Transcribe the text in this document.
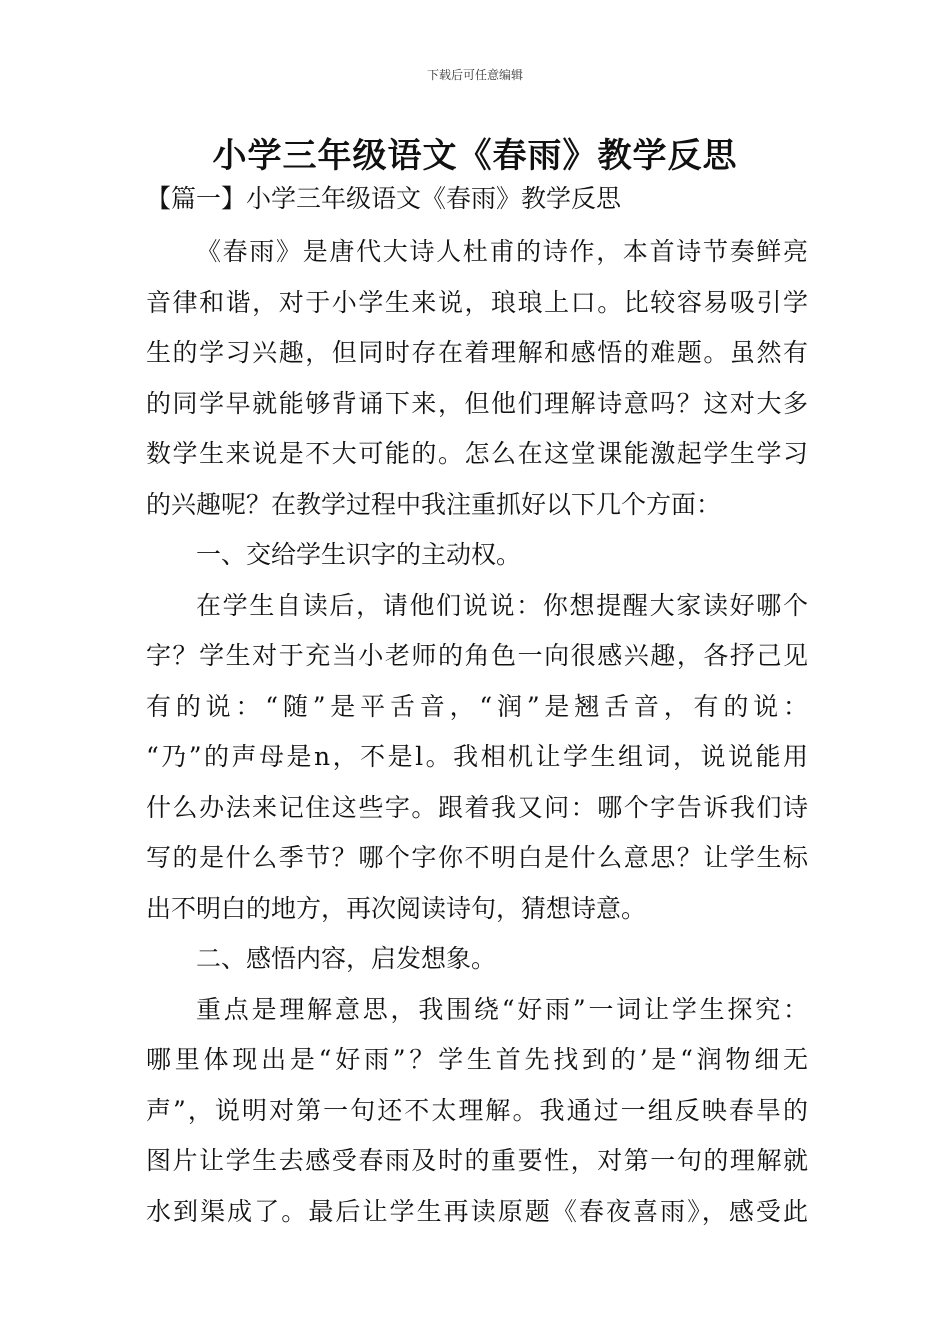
下载后可任意编辑
小学三年级语文《春雨》教学反思
【篇一】小学三年级语文《春雨》教学反思
《春雨》是唐代大诗人杜甫的诗作，本首诗节奏鲜亮
音律和谐，对于小学生来说，琅琅上口。比较容易吸引学
生的学习兴趣，但同时存在着理解和感悟的难题。虽然有
的同学早就能够背诵下来，但他们理解诗意吗？这对大多
数学生来说是不大可能的。怎么在这堂课能激起学生学习
的兴趣呢？在教学过程中我注重抓好以下几个方面：
一、交给学生识字的主动权。
在学生自读后，请他们说说：你想提醒大家读好哪个
字？学生对于充当小老师的角色一向很感兴趣，各抒己见
有的说：“随”是平舌音，“润”是翘舌音，有的说：
“乃”的声母是n，不是l。我相机让学生组词，说说能用
什么办法来记住这些字。跟着我又问：哪个字告诉我们诗
写的是什么季节？哪个字你不明白是什么意思？让学生标
出不明白的地方，再次阅读诗句，猜想诗意。
二、感悟内容，启发想象。
重点是理解意思，我围绕“好雨”一词让学生探究：
哪里体现出是“好雨”？学生首先找到的’是“润物细无
声”，说明对第一句还不太理解。我通过一组反映春旱的
图片让学生去感受春雨及时的重要性，对第一句的理解就
水到渠成了。最后让学生再读原题《春夜喜雨》，感受此
